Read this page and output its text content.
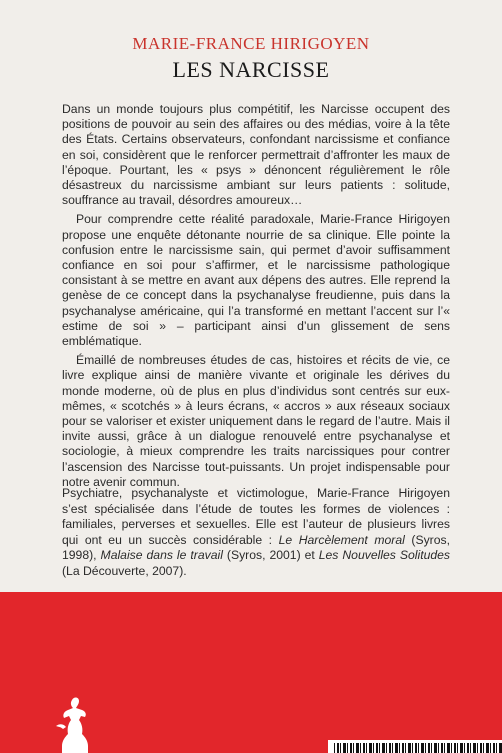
MARIE-FRANCE HIRIGOYEN
LES NARCISSE

Dans un monde toujours plus compétitif, les Narcisse occupent des positions de pouvoir au sein des affaires ou des médias, voire à la tête des États. Certains observateurs, confondant narcissisme et confiance en soi, considèrent que le renforcer permettrait d’affronter les maux de l’époque. Pourtant, les « psys » dénoncent régulièrement le rôle désastreux du narcissisme ambiant sur leurs patients : solitude, souffrance au travail, désordres amoureux…

Pour comprendre cette réalité paradoxale, Marie-France Hirigoyen propose une enquête détonante nourrie de sa clinique. Elle pointe la confusion entre le narcissisme sain, qui permet d’avoir suffisamment confiance en soi pour s’affirmer, et le narcissisme pathologique consistant à se mettre en avant aux dépens des autres. Elle reprend la genèse de ce concept dans la psychanalyse freudienne, puis dans la psychanalyse américaine, qui l’a transformé en mettant l’accent sur l’« estime de soi » – participant ainsi d’un glissement de sens emblématique.

Émaillé de nombreuses études de cas, histoires et récits de vie, ce livre explique ainsi de manière vivante et originale les dérives du monde moderne, où de plus en plus d’individus sont centrés sur eux-mêmes, « scotchés » à leurs écrans, « accros » aux réseaux sociaux pour se valoriser et exister uniquement dans le regard de l’autre. Mais il invite aussi, grâce à un dialogue renouvelé entre psychanalyse et sociologie, à mieux comprendre les traits narcissiques pour contrer l’ascension des Narcisse tout-puissants. Un projet indispensable pour notre avenir commun.

Psychiatre, psychanalyste et victimologue, Marie-France Hirigoyen s’est spécialisée dans l’étude de toutes les formes de violences : familiales, perverses et sexuelles. Elle est l’auteur de plusieurs livres qui ont eu un succès considérable : Le Harcèlement moral (Syros, 1998), Malaise dans le travail (Syros, 2001) et Les Nouvelles Solitudes (La Découverte, 2007).
